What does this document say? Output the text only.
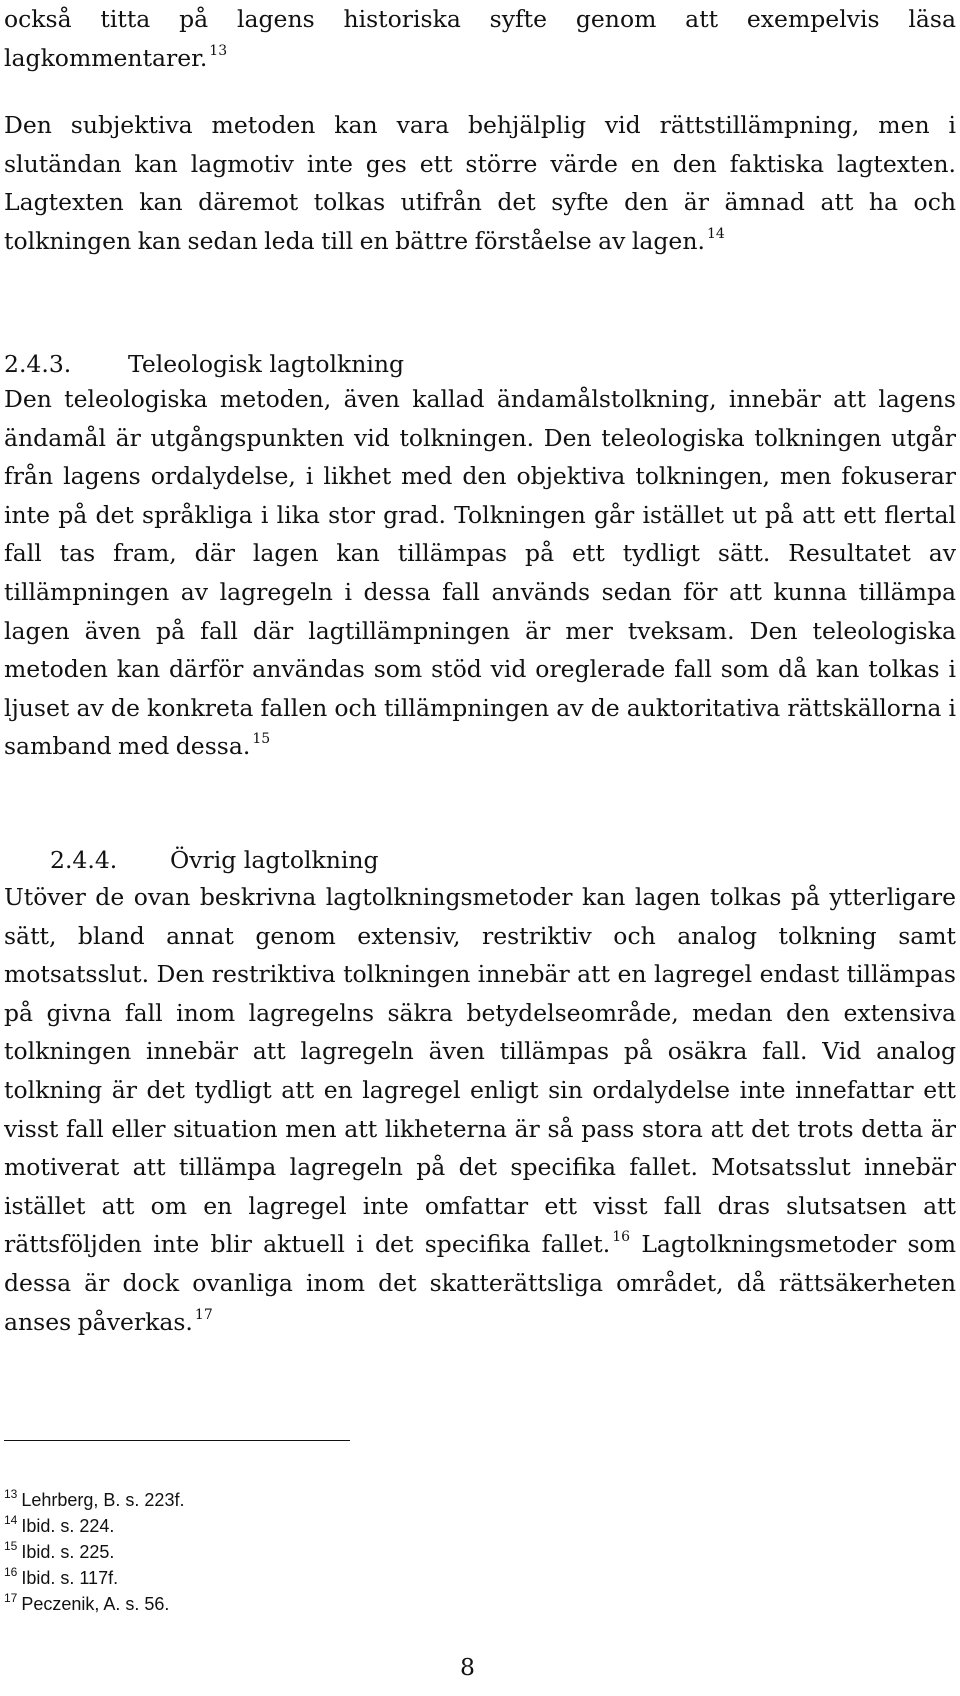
också titta på lagens historiska syfte genom att exempelvis läsa lagkommentarer. $^{13}$

Den subjektiva metoden kan vara behjälplig vid rättstillämpning, men i slutändan kan lagmotiv inte ges ett större värde en den faktiska lagtexten. Lagtexten kan däremot tolkas utifrån det syfte den är ämnad att ha och tolkningen kan sedan leda till en bättre förståelse av lagen. $^{14}$

2.4.3. Teleologisk lagtolkning

Den teleologiska metoden, även kallad ändamålstolkning, innebär att lagens ändamål är utgångspunkten vid tolkningen. Den teleologiska tolkningen utgår från lagens ordalydelse, i likhet med den objektiva tolkningen, men fokuserar inte på det språkliga i lika stor grad. Tolkningen går istället ut på att ett flertal fall tas fram, där lagen kan tillämpas på ett tydligt sätt. Resultatet av tillämpningen av lagregeln i dessa fall används sedan för att kunna tillämpa lagen även på fall där lagtillämpningen är mer tveksam. Den teleologiska metoden kan därför användas som stöd vid oreglerade fall som då kan tolkas i ljuset av de konkreta fallen och tillämpningen av de auktoritativa rättskällorna i samband med dessa. $^{15}$

2.4.4. Övrig lagtolkning

Utöver de ovan beskrivna lagtolkningsmetoder kan lagen tolkas på ytterligare sätt, bland annat genom extensiv, restriktiv och analog tolkning samt motsatsslut. Den restriktiva tolkningen innebär att en lagregel endast tillämpas på givna fall inom lagregelns säkra betydelseområde, medan den extensiva tolkningen innebär att lagregeln även tillämpas på osäkra fall. Vid analog tolkning är det tydligt att en lagregel enligt sin ordalydelse inte innefattar ett visst fall eller situation men att likheterna är så pass stora att det trots detta är motiverat att tillämpa lagregeln på det specifika fallet. Motsatsslut innebär istället att om en lagregel inte omfattar ett visst fall dras slutsatsen att rättsföljden inte blir aktuell i det specifika fallet. $^{16}$ Lagtolkningsmetoder som dessa är dock ovanliga inom det skatterättsliga området, då rättsäkerheten anses påverkas. $^{17}$

$^{13}$ Lehrberg, B. s. 223f.
$^{14}$ Ibid. s. 224.
$^{15}$ Ibid. s. 225.
$^{16}$ Ibid. s. 117f.
$^{17}$ Peczenik, A. s. 56.
8
